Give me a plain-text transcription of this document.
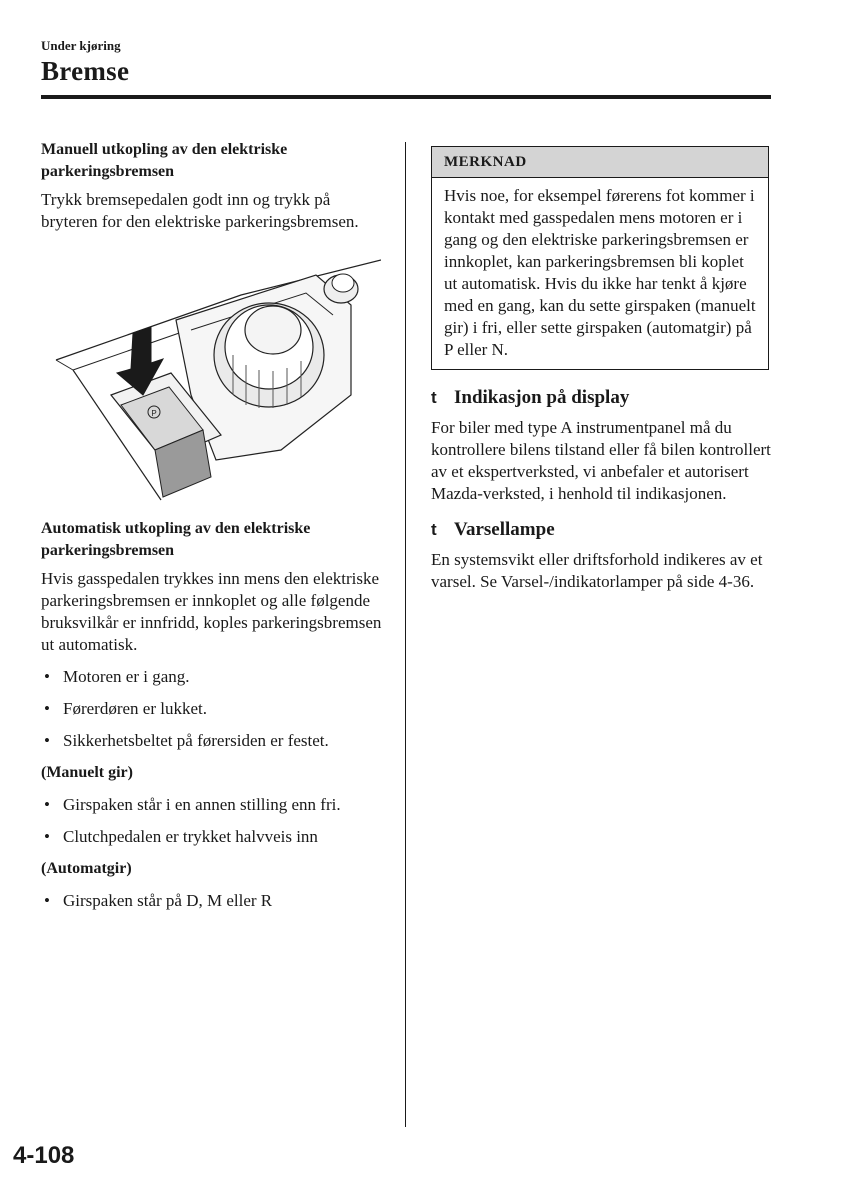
Under kjøring
Bremse
Manuell utkopling av den elektriske parkeringsbremsen

Trykk bremsepedalen godt inn og trykk på bryteren for den elektriske parkeringsbremsen.

P
Automatisk utkopling av den elektriske parkeringsbremsen

Hvis gasspedalen trykkes inn mens den elektriske parkeringsbremsen er innkoplet og alle følgende bruksvilkår er innfridd, koples parkeringsbremsen ut automatisk.

• Motoren er i gang.
• Førerdøren er lukket.
• Sikkerhetsbeltet på førersiden er festet.
(Manuelt gir)
• Girspaken står i en annen stilling enn fri.
• Clutchpedalen er trykket halvveis inn
(Automatgir)
• Girspaken står på D, M eller R
MERKNAD
Hvis noe, for eksempel førerens fot kommer i kontakt med gasspedalen mens motoren er i gang og den elektriske parkeringsbremsen er innkoplet, kan parkeringsbremsen bli koplet ut automatisk. Hvis du ikke har tenkt å kjøre med en gang, kan du sette girspaken (manuelt gir) i fri, eller sette girspaken (automatgir) på P eller N.
t Indikasjon på display

For biler med type A instrumentpanel må du kontrollere bilens tilstand eller få bilen kontrollert av et ekspertverksted, vi anbefaler et autorisert Mazda-verksted, i henhold til indikasjonen.

t Varsellampe

En systemsvikt eller driftsforhold indikeres av et varsel. Se Varsel-/indikatorlamper på side 4-36.

4-108
